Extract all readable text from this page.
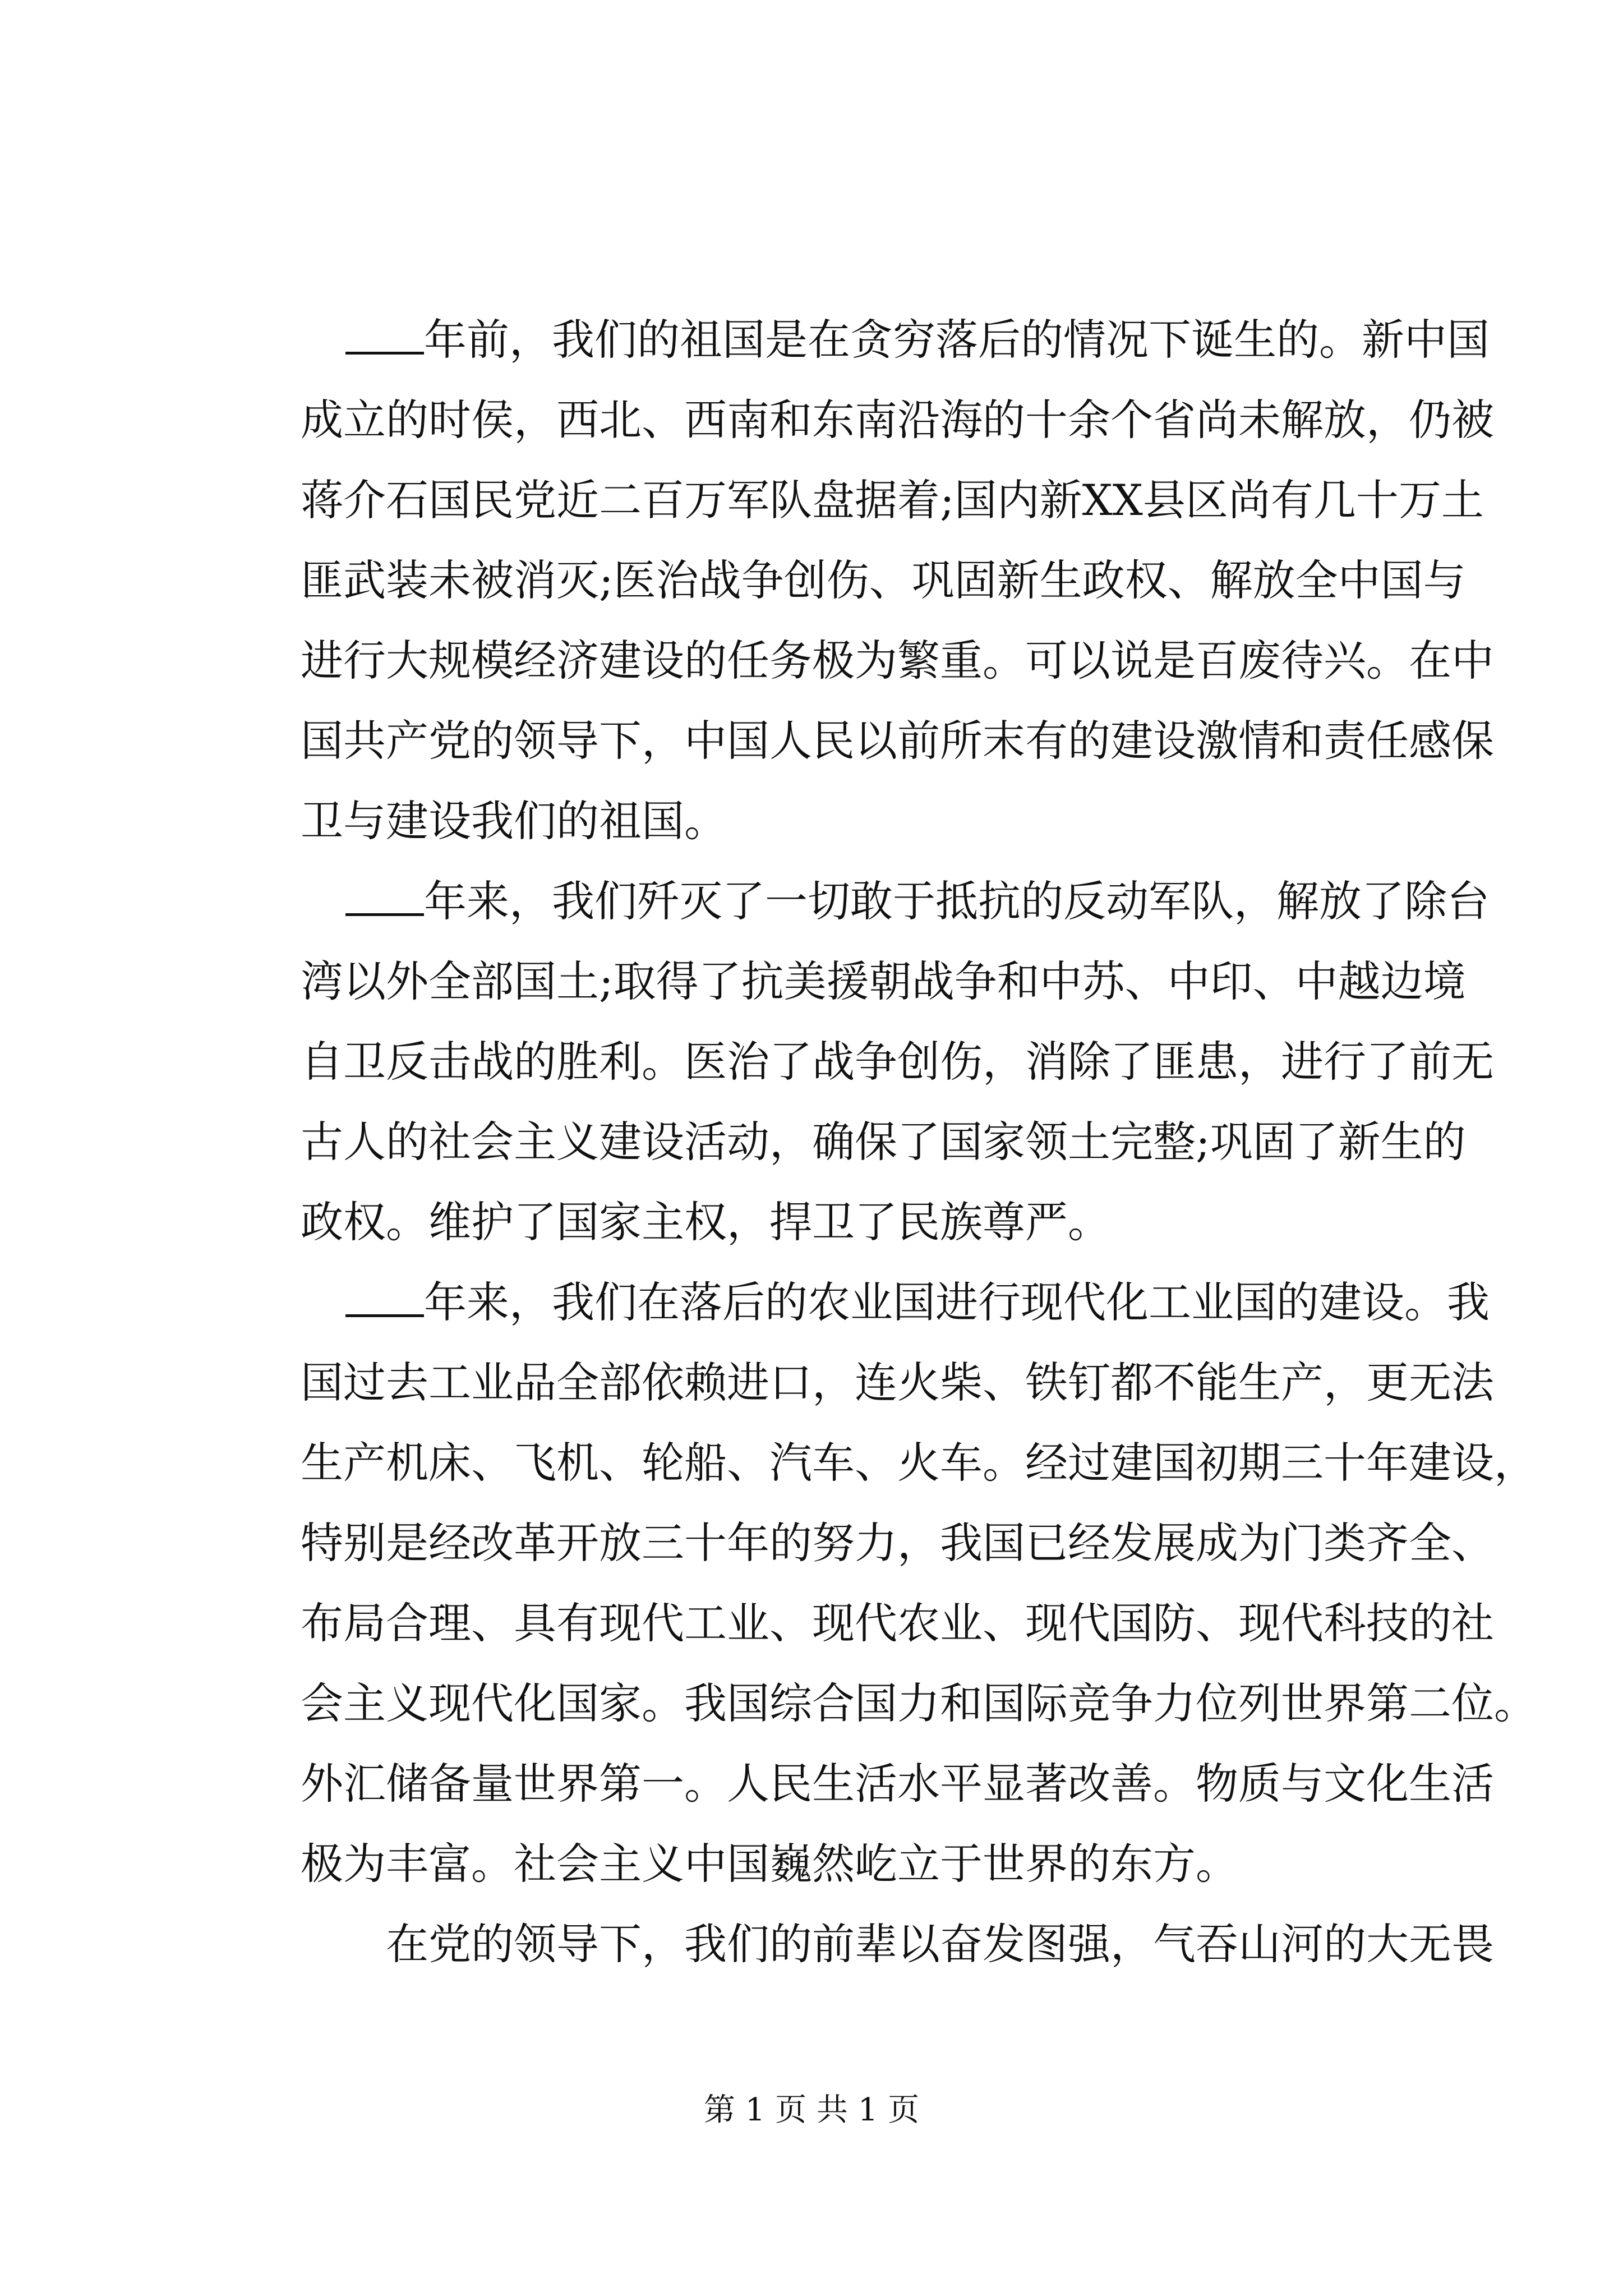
年前，我们的祖国是在贪穷落后的情况下诞生的。新中国
成立的时侯，西北、西南和东南沿海的十余个省尚未解放，仍被
蒋介石国民党近二百万军队盘据着;国内新XX县区尚有几十万土
匪武装未被消灭;医治战争创伤、巩固新生政权、解放全中国与
进行大规模经济建设的任务极为繁重。可以说是百废待兴。在中
国共产党的领导下，中国人民以前所末有的建设激情和责任感保
卫与建设我们的祖国。
年来，我们歼灭了一切敢于抵抗的反动军队，解放了除台
湾以外全部国土;取得了抗美援朝战争和中苏、中印、中越边境
自卫反击战的胜利。医治了战争创伤，消除了匪患，进行了前无
古人的社会主义建设活动，确保了国家领土完整;巩固了新生的
政权。维护了国家主权，捍卫了民族尊严。
年来，我们在落后的农业国进行现代化工业国的建设。我
国过去工业品全部依赖进口，连火柴、铁钉都不能生产，更无法
生产机床、飞机、轮船、汽车、火车。经过建国初期三十年建设，
特别是经改革开放三十年的努力，我国已经发展成为门类齐全、
布局合理、具有现代工业、现代农业、现代国防、现代科技的社
会主义现代化国家。我国综合国力和国际竞争力位列世界第二位。
外汇储备量世界第一。人民生活水平显著改善。物质与文化生活
极为丰富。社会主义中国巍然屹立于世界的东方。
在党的领导下，我们的前辈以奋发图强，气吞山河的大无畏
第 1 页 共 1 页
